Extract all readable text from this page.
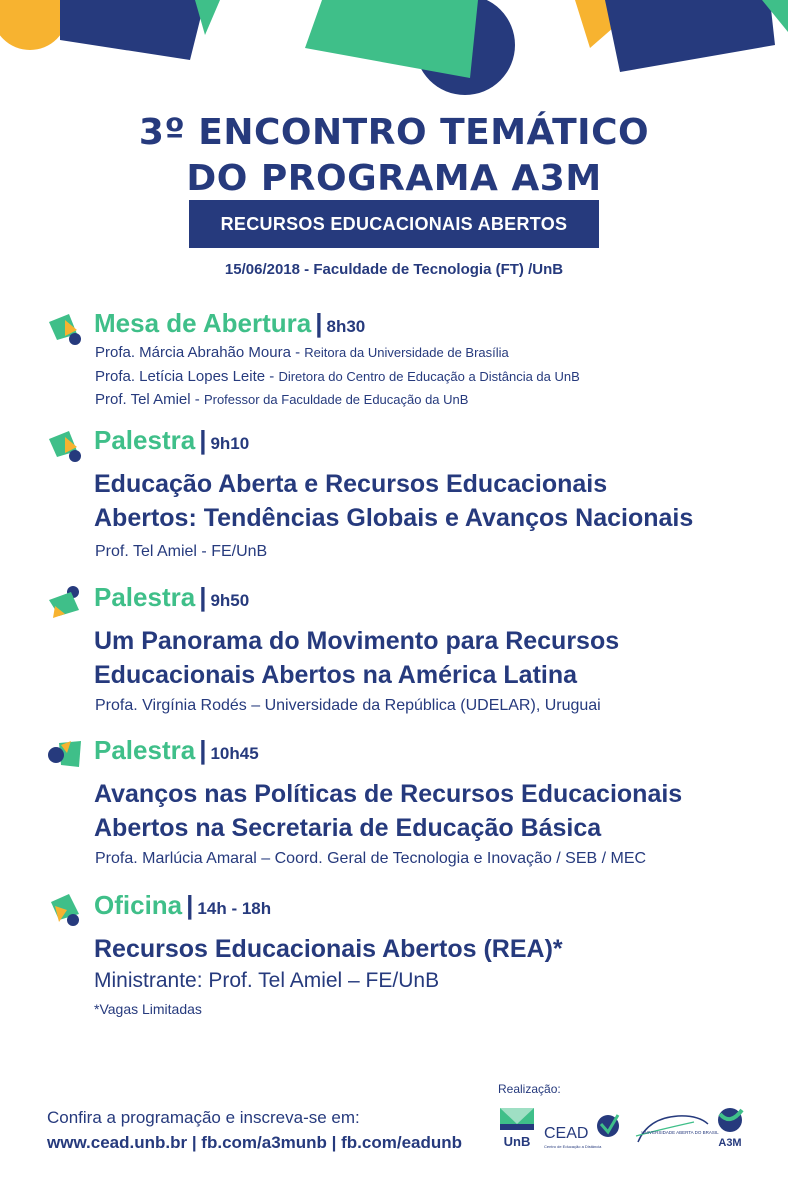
3º ENCONTRO TEMÁTICO
DO PROGRAMA A3M
RECURSOS EDUCACIONAIS ABERTOS
15/06/2018 - Faculdade de Tecnologia (FT) /UnB
Mesa de Abertura | 8h30
Profa. Márcia Abrahão Moura - Reitora da Universidade de Brasília
Profa. Letícia Lopes Leite - Diretora do Centro de Educação a Distância da UnB
Prof. Tel Amiel - Professor da Faculdade de Educação da UnB
Palestra | 9h10
Educação Aberta e Recursos Educacionais
Abertos: Tendências Globais e Avanços Nacionais
Prof. Tel Amiel - FE/UnB
Palestra | 9h50
Um Panorama do Movimento para Recursos
Educacionais Abertos na América Latina
Profa. Virgínia Rodés – Universidade da República (UDELAR), Uruguai
Palestra | 10h45
Avanços nas Políticas de Recursos Educacionais
Abertos na Secretaria de Educação Básica
Profa. Marlúcia Amaral – Coord. Geral de Tecnologia e Inovação / SEB / MEC
Oficina | 14h - 18h
Recursos Educacionais Abertos (REA)*
Ministrante: Prof. Tel Amiel – FE/UnB
*Vagas Limitadas
Confira a programação e inscreva-se em:
www.cead.unb.br | fb.com/a3munb | fb.com/eadunb
Realização:
UnB CEAD
Centro de Educação a Distância
UNIVERSIDADE ABERTA DO BRASIL
A3M
